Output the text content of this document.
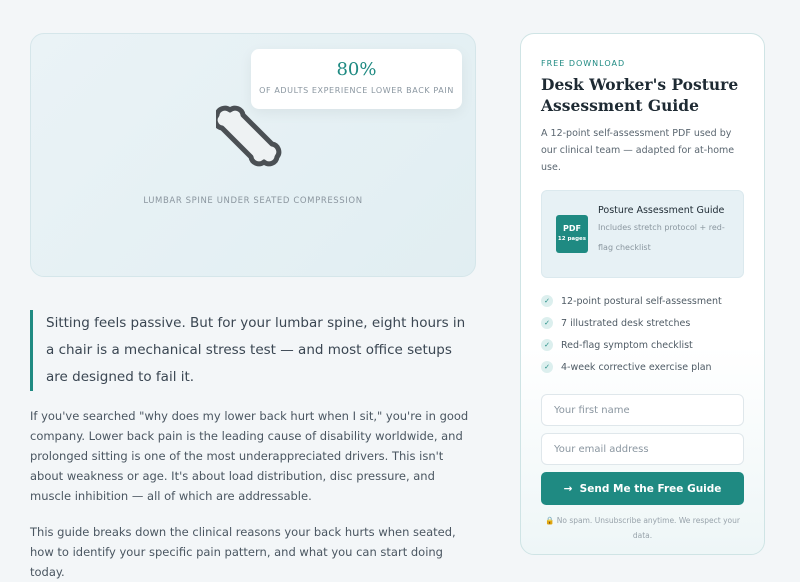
80%
OF ADULTS EXPERIENCE LOWER BACK PAIN
LUMBAR SPINE UNDER SEATED COMPRESSION
Sitting feels passive. But for your lumbar spine, eight hours in a chair is a mechanical stress test — and most office setups are designed to fail it.

If you've searched "why does my lower back hurt when I sit," you're in good company. Lower back pain is the leading cause of disability worldwide, and prolonged sitting is one of the most underappreciated drivers. This isn't about weakness or age. It's about load distribution, disc pressure, and muscle inhibition — all of which are addressable.

This guide breaks down the clinical reasons your back hurts when seated, how to identify your specific pain pattern, and what you can start doing today.

FREE DOWNLOAD
Desk Worker's Posture Assessment Guide

A 12-point self-assessment PDF used by our clinical team — adapted for at-home use.

PDF
12 pages
Posture Assessment Guide
Includes stretch protocol + red-flag checklist
✓	12-point postural self-assessment
✓	7 illustrated desk stretches
✓	Red-flag symptom checklist
✓	4-week corrective exercise plan
Your first name
Your email address →  Send Me the Free Guide

🔒 No spam. Unsubscribe anytime. We respect your data.
